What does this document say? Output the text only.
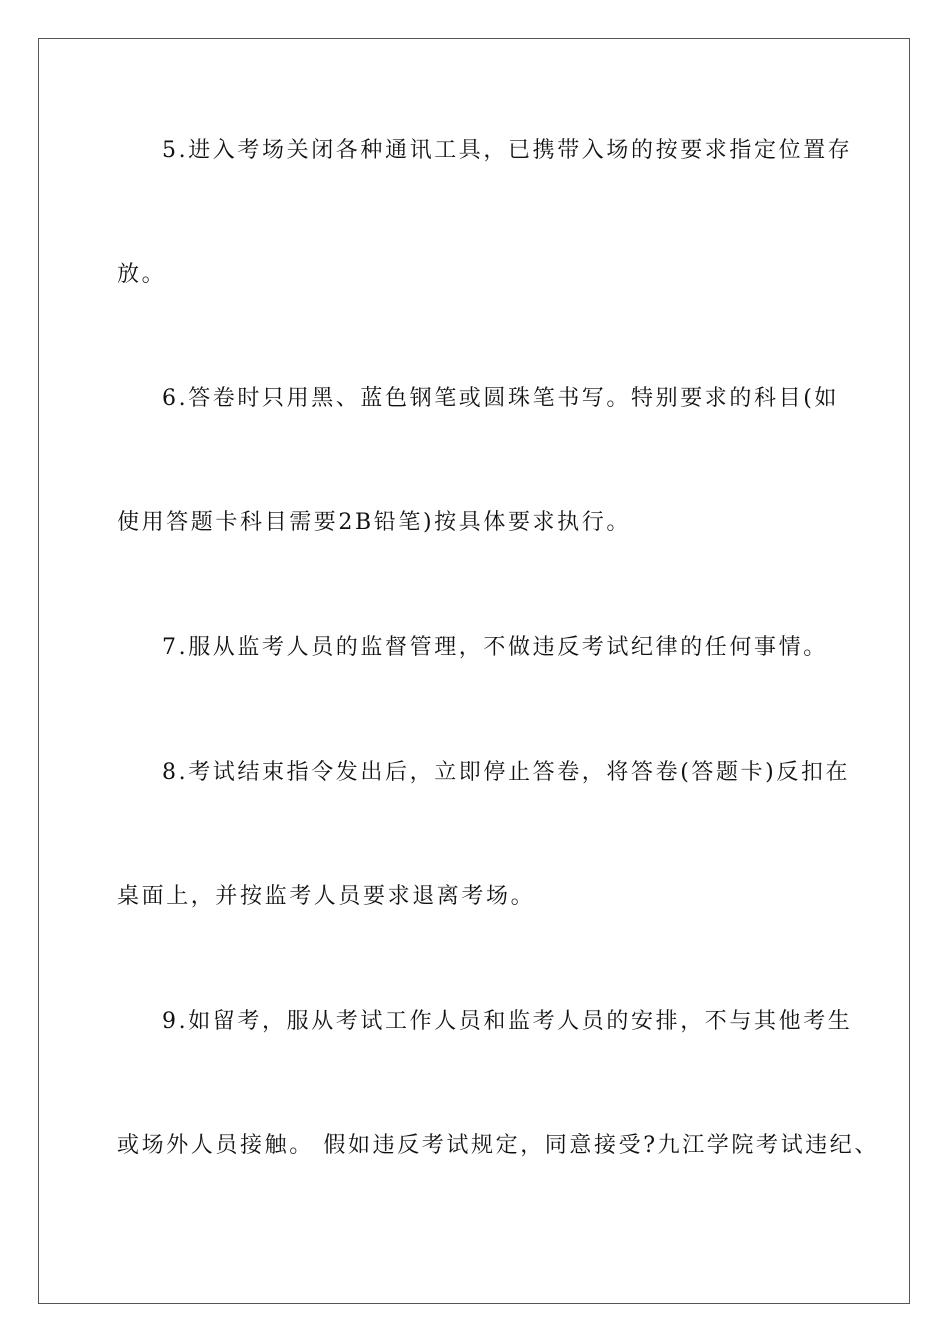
5.进入考场关闭各种通讯工具，已携带入场的按要求指定位置存
放。
6.答卷时只用黑、蓝色钢笔或圆珠笔书写。特别要求的科目(如
使用答题卡科目需要2B铅笔)按具体要求执行。
7.服从监考人员的监督管理，不做违反考试纪律的任何事情。
8.考试结束指令发出后，立即停止答卷，将答卷(答题卡)反扣在
桌面上，并按监考人员要求退离考场。
9.如留考，服从考试工作人员和监考人员的安排，不与其他考生
或场外人员接触。 假如违反考试规定，同意接受?九江学院考试违纪、
